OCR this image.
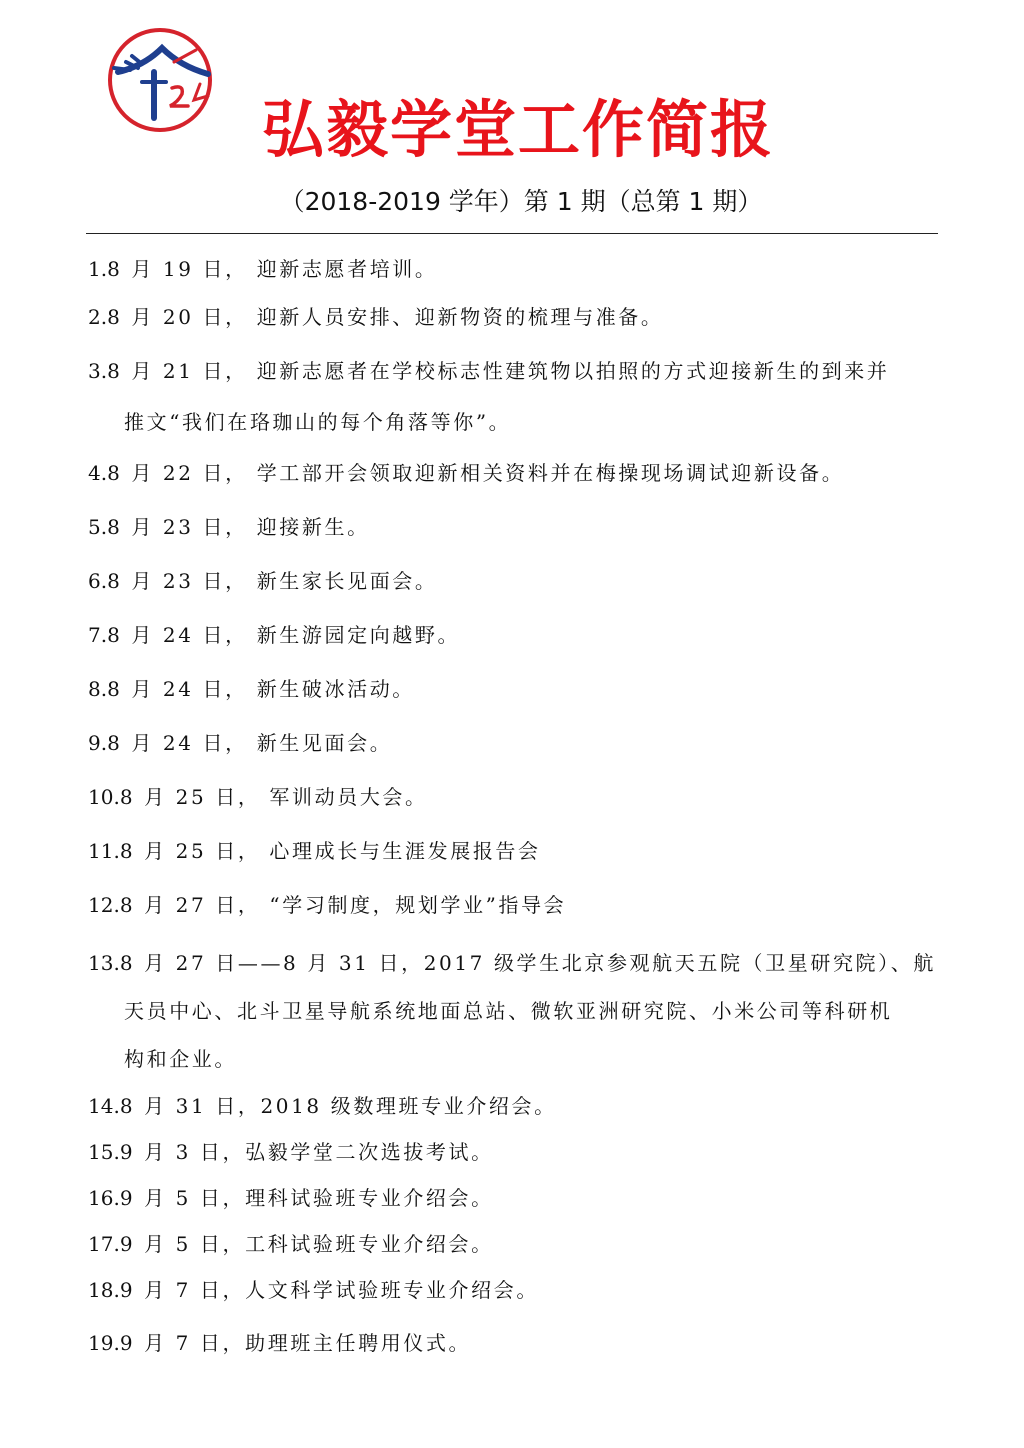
弘毅学堂工作简报
（2018-2019 学年）第 1 期（总第 1 期）
1.8 月 19 日， 迎新志愿者培训。
2.8 月 20 日， 迎新人员安排、迎新物资的梳理与准备。
3.8 月 21 日， 迎新志愿者在学校标志性建筑物以拍照的方式迎接新生的到来并
推文“我们在珞珈山的每个角落等你”。
4.8 月 22 日， 学工部开会领取迎新相关资料并在梅操现场调试迎新设备。
5.8 月 23 日， 迎接新生。
6.8 月 23 日， 新生家长见面会。
7.8 月 24 日， 新生游园定向越野。
8.8 月 24 日， 新生破冰活动。
9.8 月 24 日， 新生见面会。
10.8 月 25 日， 军训动员大会。
11.8 月 25 日， 心理成长与生涯发展报告会
12.8 月 27 日， “学习制度，规划学业”指导会
13.8 月 27 日——8 月 31 日，2017 级学生北京参观航天五院（卫星研究院）、航
天员中心、北斗卫星导航系统地面总站、微软亚洲研究院、小米公司等科研机
构和企业。
14.8 月 31 日，2018 级数理班专业介绍会。
15.9 月 3 日，弘毅学堂二次选拔考试。
16.9 月 5 日，理科试验班专业介绍会。
17.9 月 5 日，工科试验班专业介绍会。
18.9 月 7 日，人文科学试验班专业介绍会。
19.9 月 7 日，助理班主任聘用仪式。
